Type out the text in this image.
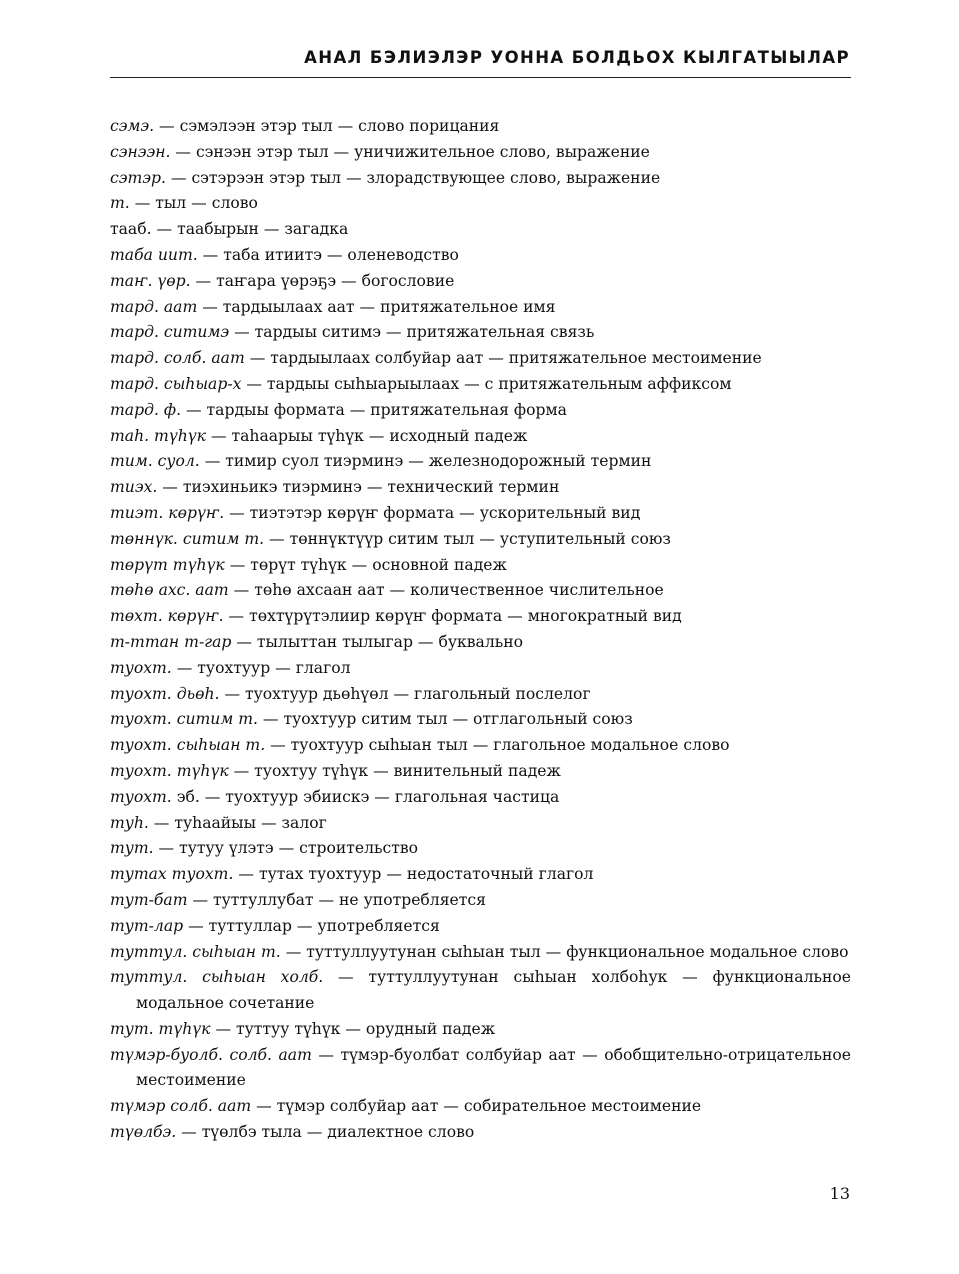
АНАЛ БЭЛИЭЛЭР УОННА БОЛДЬОХ КЫЛГАТЫЫЛАР
сэмэ. — сэмэлээн этэр тыл — слово порицания
сэнээн. — сэнээн этэр тыл — уничижительное слово, выражение
сэтэр. — сэтэрээн этэр тыл — злорадствующее слово, выражение
т. — тыл — слово
тааб. — таабырын — загадка
таба иит. — таба итиитэ — оленеводство
таҥ. үөр. — таҥара үөрэҕэ — богословие
тард. аат — тардыылаах аат — притяжательное имя
тард. ситимэ — тардыы ситимэ — притяжательная связь
тард. солб. аат — тардыылаах солбуйар аат — притяжательное местоимение
тард. сыһыар-х — тардыы сыһыарыылаах — с притяжательным аффиксом
тард. ф. — тардыы формата — притяжательная форма
таһ. түһүк — таһаарыы түһүк — исходный падеж
тим. суол. — тимир суол тиэрминэ — железнодорожный термин
тиэх. — тиэхиньикэ тиэрминэ — технический термин
тиэт. көрүҥ. — тиэтэтэр көрүҥ формата — ускорительный вид
төннүк. ситим т. — төннүктүүр ситим тыл — уступительный союз
төрүт түһүк — төрүт түһүк — основной падеж
төһө ахс. аат — төһө ахсаан аат — количественное числительное
төхт. көрүҥ. — төхтүрүтэлиир көрүҥ формата — многократный вид
т-ттан т-гар — тылыттан тылыгар — буквально
туохт. — туохтуур — глагол
туохт. дьөһ. — туохтуур дьөһүөл — глагольный послелог
туохт. ситим т. — туохтуур ситим тыл — отглагольный союз
туохт. сыһыан т. — туохтуур сыһыан тыл — глагольное модальное слово
туохт. түһүк — туохтуу түһүк — винительный падеж
туохт. эб. — туохтуур эбиискэ — глагольная частица
туһ. — туһаайыы — залог
тут. — тутуу үлэтэ — строительство
тутах туохт. — тутах туохтуур — недостаточный глагол
тут-бат — туттуллубат — не употребляется
тут-лар — туттуллар — употребляется
туттул. сыһыан т. — туттуллуутунан сыһыан тыл — функциональное модальное слово
туттул. сыһыан холб. — туттуллуутунан сыһыан холбоһук — функциональное модальное сочетание
тут. түһүк — туттуу түһүк — орудный падеж
түмэр-буолб. солб. аат — түмэр-буолбат солбуйар аат — обобщительно-отрицательное местоимение
түмэр солб. аат — түмэр солбуйар аат — собирательное местоимение
түөлбэ. — түөлбэ тыла — диалектное слово
13
